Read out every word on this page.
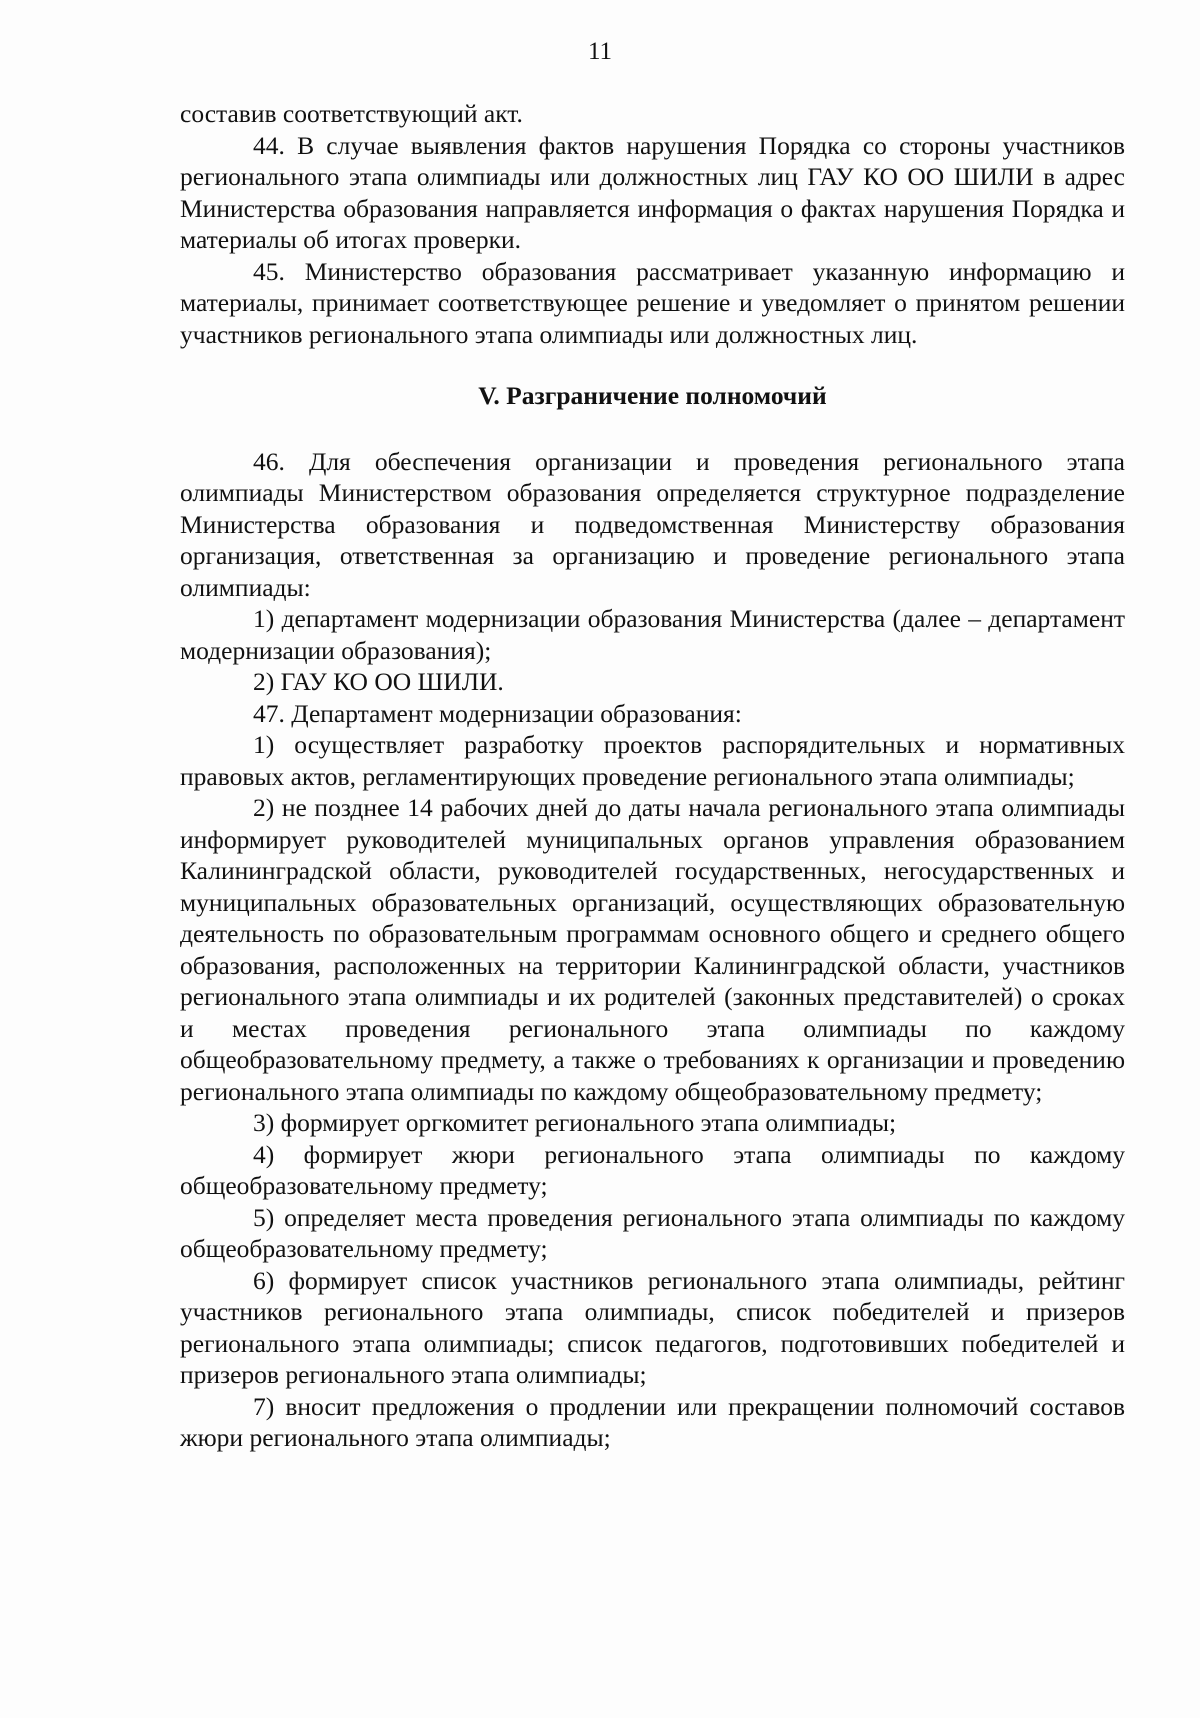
11

составив соответствующий акт.

44. В случае выявления фактов нарушения Порядка со стороны участников регионального этапа олимпиады или должностных лиц ГАУ КО ОО ШИЛИ в адрес Министерства образования направляется информация о фактах нарушения Порядка и материалы об итогах проверки.

45. Министерство образования рассматривает указанную информацию и материалы, принимает соответствующее решение и уведомляет о принятом решении участников регионального этапа олимпиады или должностных лиц.

V. Разграничение полномочий

46. Для обеспечения организации и проведения регионального этапа олимпиады Министерством образования определяется структурное подразделение Министерства образования и подведомственная Министерству образования организация, ответственная за организацию и проведение регионального этапа олимпиады:

1) департамент модернизации образования Министерства (далее – департамент модернизации образования);

2) ГАУ КО ОО ШИЛИ.

47. Департамент модернизации образования:

1) осуществляет разработку проектов распорядительных и нормативных правовых актов, регламентирующих проведение регионального этапа олимпиады;

2) не позднее 14 рабочих дней до даты начала регионального этапа олимпиады информирует руководителей муниципальных органов управления образованием Калининградской области, руководителей государственных, негосударственных и муниципальных образовательных организаций, осуществляющих образовательную деятельность по образовательным программам основного общего и среднего общего образования, расположенных на территории Калининградской области, участников регионального этапа олимпиады и их родителей (законных представителей) о сроках и местах проведения регионального этапа олимпиады по каждому общеобразовательному предмету, а также о требованиях к организации и проведению регионального этапа олимпиады по каждому общеобразовательному предмету;

3) формирует оргкомитет регионального этапа олимпиады;

4) формирует жюри регионального этапа олимпиады по каждому общеобразовательному предмету;

5) определяет места проведения регионального этапа олимпиады по каждому общеобразовательному предмету;

6) формирует список участников регионального этапа олимпиады, рейтинг участников регионального этапа олимпиады, список победителей и призеров регионального этапа олимпиады; список педагогов, подготовивших победителей и призеров регионального этапа олимпиады;

7) вносит предложения о продлении или прекращении полномочий составов жюри регионального этапа олимпиады;
